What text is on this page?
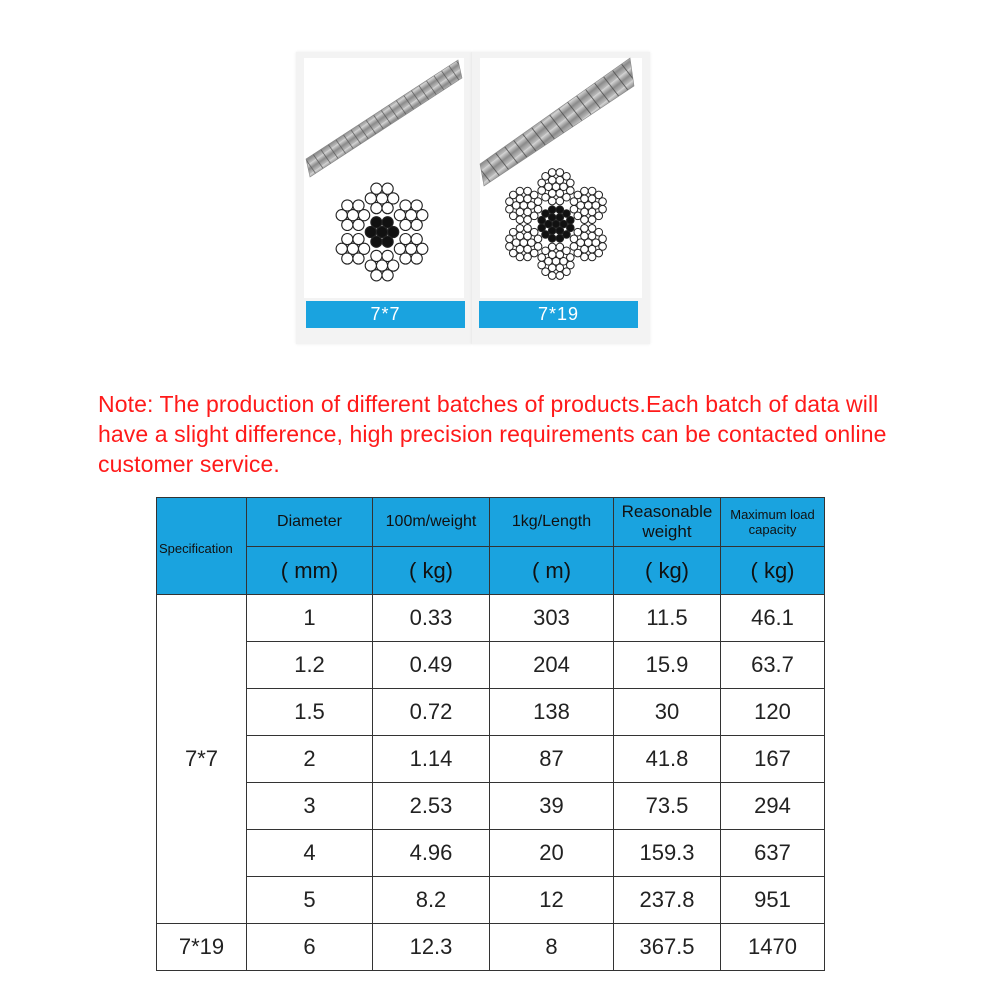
7*7	7*19
Note: The production of different batches of products.Each batch of data will have a slight difference, high precision requirements can be contacted online customer service.
Specification	Diameter	100m/weight	1kg/Length	Reasonable weight	Maximum load capacity
	( mm)	( kg)	( m)	( kg)	( kg)
7*7	1	0.33	303	11.5	46.1
	1.2	0.49	204	15.9	63.7
	1.5	0.72	138	30	120
	2	1.14	87	41.8	167
	3	2.53	39	73.5	294
	4	4.96	20	159.3	637
	5	8.2	12	237.8	951
7*19	6	12.3	8	367.5	1470
